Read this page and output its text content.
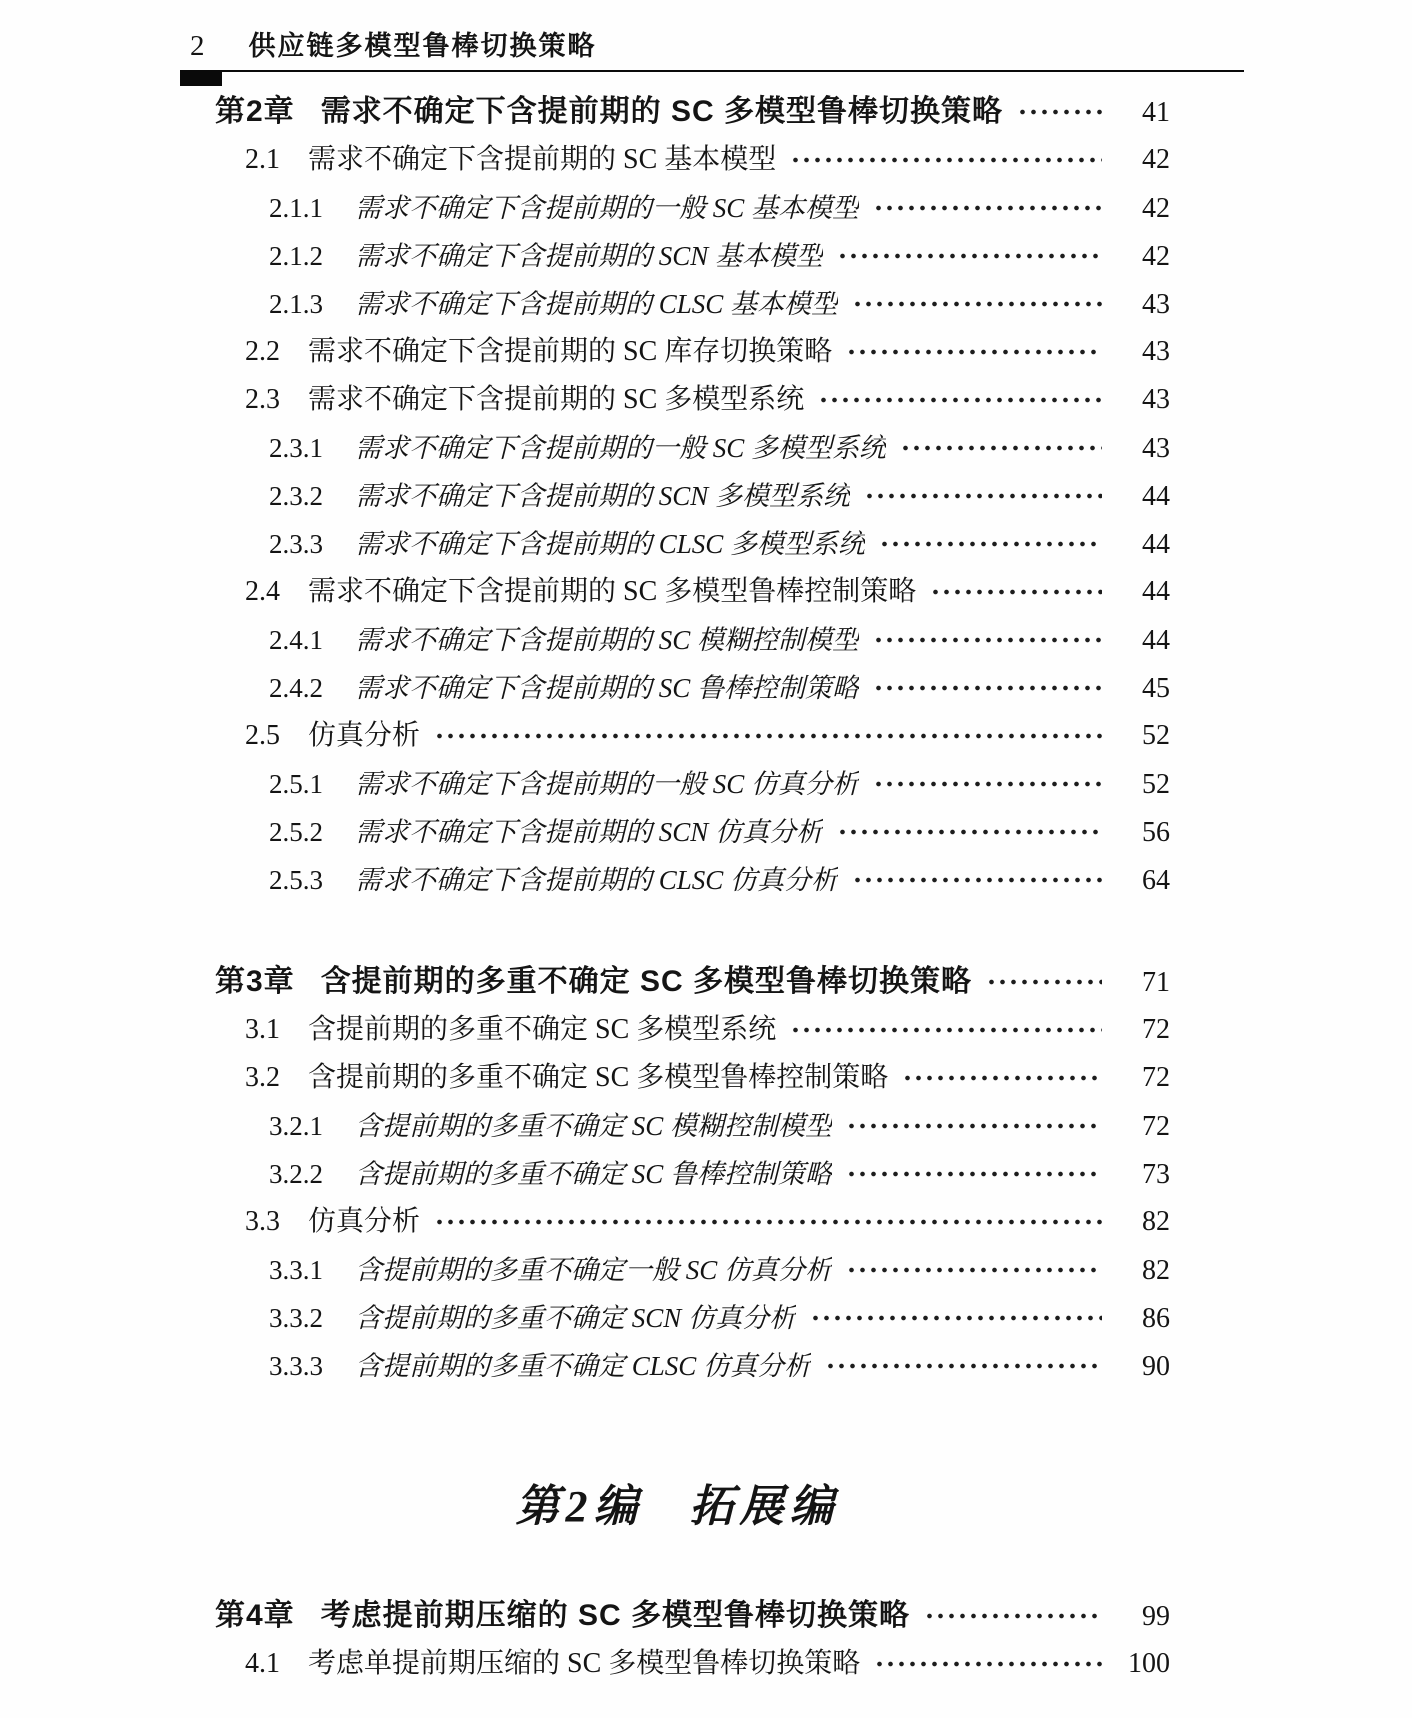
2 供应链多模型鲁棒切换策略
第2章 需求不确定下含提前期的 SC 多模型鲁棒切换策略	41
2.1 需求不确定下含提前期的 SC 基本模型	42
2.1.1 需求不确定下含提前期的一般 SC 基本模型	42
2.1.2 需求不确定下含提前期的 SCN 基本模型	42
2.1.3 需求不确定下含提前期的 CLSC 基本模型	43
2.2 需求不确定下含提前期的 SC 库存切换策略	43
2.3 需求不确定下含提前期的 SC 多模型系统	43
2.3.1 需求不确定下含提前期的一般 SC 多模型系统	43
2.3.2 需求不确定下含提前期的 SCN 多模型系统	44
2.3.3 需求不确定下含提前期的 CLSC 多模型系统	44
2.4 需求不确定下含提前期的 SC 多模型鲁棒控制策略	44
2.4.1 需求不确定下含提前期的 SC 模糊控制模型	44
2.4.2 需求不确定下含提前期的 SC 鲁棒控制策略	45
2.5 仿真分析	52
2.5.1 需求不确定下含提前期的一般 SC 仿真分析	52
2.5.2 需求不确定下含提前期的 SCN 仿真分析	56
2.5.3 需求不确定下含提前期的 CLSC 仿真分析	64
第3章 含提前期的多重不确定 SC 多模型鲁棒切换策略	71
3.1 含提前期的多重不确定 SC 多模型系统	72
3.2 含提前期的多重不确定 SC 多模型鲁棒控制策略	72
3.2.1 含提前期的多重不确定 SC 模糊控制模型	72
3.2.2 含提前期的多重不确定 SC 鲁棒控制策略	73
3.3 仿真分析	82
3.3.1 含提前期的多重不确定一般 SC 仿真分析	82
3.3.2 含提前期的多重不确定 SCN 仿真分析	86
3.3.3 含提前期的多重不确定 CLSC 仿真分析	90
第2编 拓展编
第4章 考虑提前期压缩的 SC 多模型鲁棒切换策略	99
4.1 考虑单提前期压缩的 SC 多模型鲁棒切换策略	100
